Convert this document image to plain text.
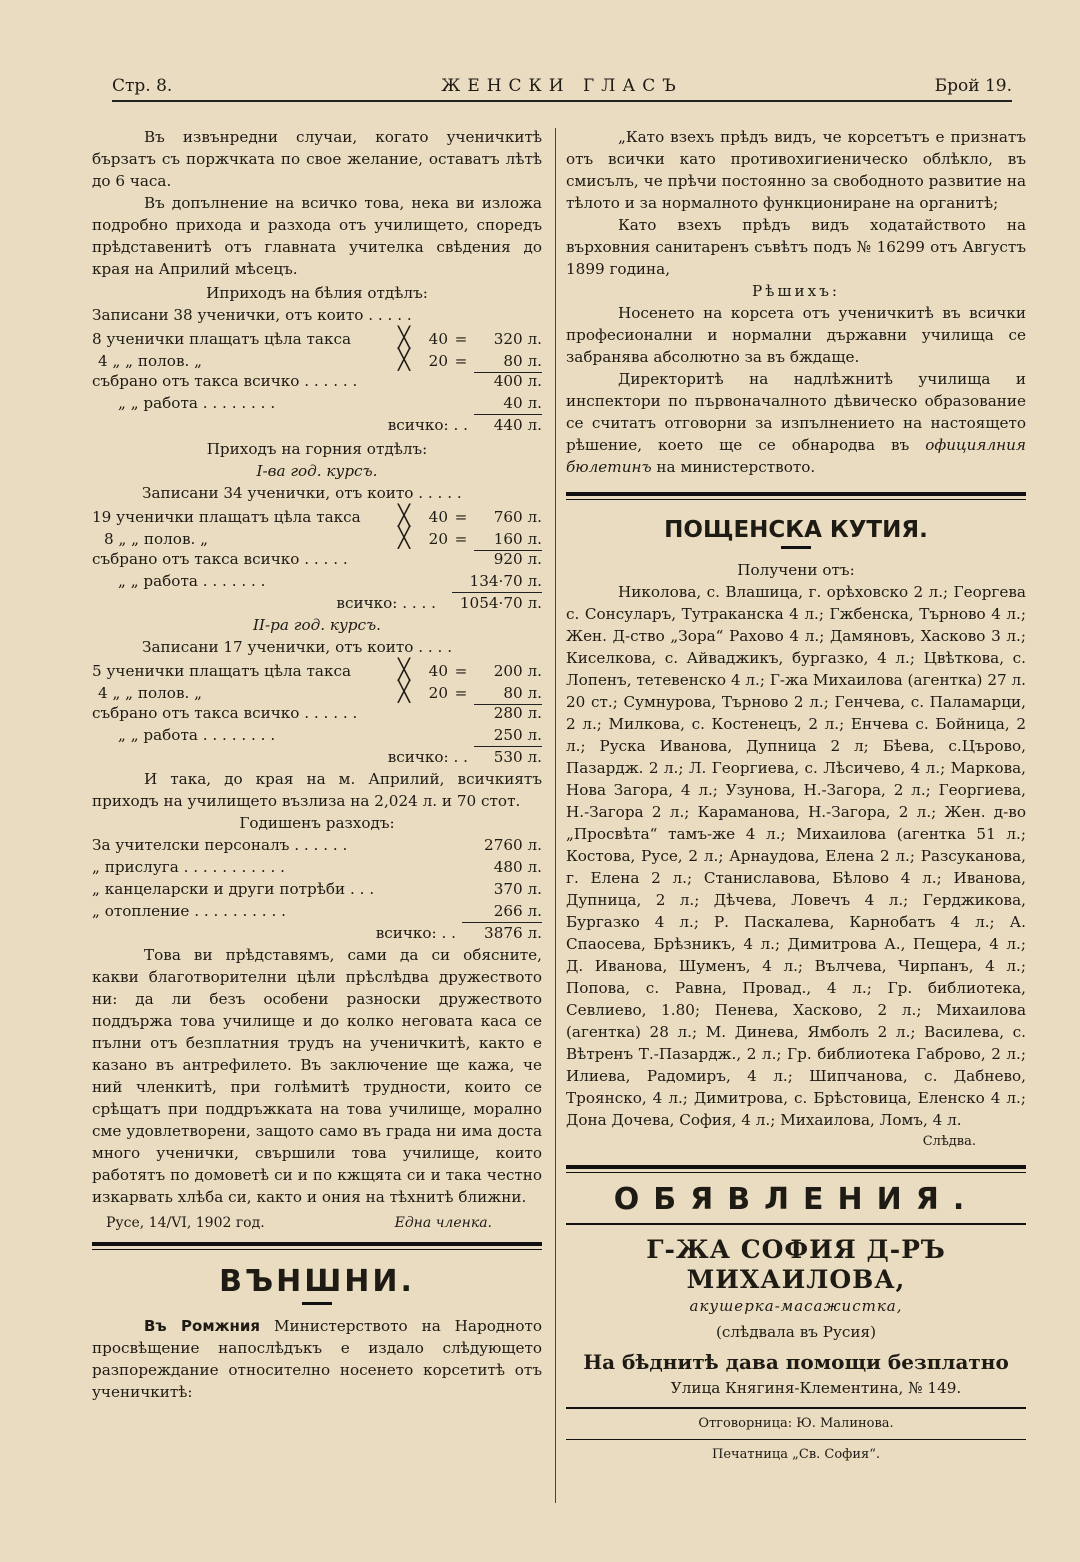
Стр. 8.	ЖЕНСКИ ГЛАСЪ	Брой 19.

Въ извънредни случаи, когато ученичкитѣ бързатъ съ поржчката по свое желание, оставатъ лѣтѣ до 6 часа.

Въ допълнение на всичко това, нека ви изложа подробно прихода и разхода отъ училището, споредъ прѣдставенитѣ отъ главната учителка свѣдения до края на Априлий мѣсецъ.

Иприходъ на бѣлия отдѣлъ:
Записани 38 ученички, отъ които . . . . .
8 ученички плащатъ цѣла такса	╳	40 =	320 л.
4 „ „ полов. „	╳	20 =	80 л.
събрано отъ такса всичко . . . . . .	400 л.
„ „ работа . . . . . . . .	40 л.
всичко: . .	440 л.
Приходъ на горния отдѣлъ:
I-ва год. курсъ.
Записани 34 ученички, отъ които . . . . .
19 ученички плащатъ цѣла такса	╳	40 =	760 л.
8 „ „ полов. „	╳	20 =	160 л.
събрано отъ такса всичко . . . . .	920 л.
„ „ работа . . . . . . .	134·70 л.
всичко: . . . .	1054·70 л.
II-ра год. курсъ.
Записани 17 ученички, отъ които . . . .
5 ученички плащатъ цѣла такса	╳	40 =	200 л.
4 „ „ полов. „	╳	20 =	80 л.
събрано отъ такса всичко . . . . . .	280 л.
„ „ работа . . . . . . . .	250 л.
всичко: . .	530 л.

И така, до края на м. Априлий, всичкиятъ приходъ на училището възлиза на 2,024 л. и 70 стот.

Годишенъ разходъ:
За учителски персоналъ . . . . . .	2760 л.
„ прислуга . . . . . . . . . . .	480 л.
„ канцеларски и други потрѣби . . .	370 л.
„ отопление . . . . . . . . . .	266 л.
всичко: . .	3876 л.

Това ви прѣдставямъ, сами да си обясните, какви благотворителни цѣли прѣслѣдва дружеството ни: да ли безъ особени разноски дружеството поддържа това училище и до колко неговата каса се пълни отъ безплатния трудъ на ученичкитѣ, както е казано въ антрефилето. Въ заключение ще кажа, че ний членкитѣ, при голѣмитѣ трудности, които се срѣщатъ при поддръжката на това училище, морално сме удовлетворени, защото само въ града ни има доста много ученички, свършили това училище, които работятъ по домоветѣ си и по кжщята си и така честно изкарвать хлѣба си, както и ония на тѣхнитѣ ближни.

Русе, 14/VI, 1902 год.	Една членка.
ВЪНШНИ.

Въ Ромжния Министерството на Народното просвѣщение напослѣдъкъ е издало слѣдующето разпореждание относително носенето корсетитѣ отъ ученичкитѣ:

„Като взехъ прѣдъ видъ, че корсетътъ е признатъ отъ всички като противохигиеническо облѣкло, въ смисълъ, че прѣчи постоянно за свободното развитие на тѣлото и за нормалното функциониране на органитѣ;

Като взехъ прѣдъ видъ ходатайството на върховния санитаренъ съвѣтъ подъ № 16299 отъ Августъ 1899 година,

Рѣшихъ:

Носенето на корсета отъ ученичкитѣ въ всички професионални и нормални държавни училища се забранява абсолютно за въ бждаще.

Директоритѣ на надлѣжнитѣ училища и инспектори по първоначалното дѣвическо образование се считатъ отговорни за изпълнението на настоящето рѣшение, което ще се обнародва въ официялния бюлетинъ на министерството.

ПОЩЕНСКА КУТИЯ.
Получени отъ:

Николова, с. Влашица, г. орѣховско 2 л.; Георгева с. Сонсуларъ, Тутраканска 4 л.; Гжбенска, Търново 4 л.; Жен. Д-ство „Зора“ Рахово 4 л.; Дамяновъ, Хасково 3 л.; Киселкова, с. Айваджикъ, бургазко, 4 л.; Цвѣткова, с. Лопенъ, тетевенско 4 л.; Г-жа Михаилова (агентка) 27 л. 20 ст.; Сумнурова, Търново 2 л.; Генчева, с. Паламарци, 2 л.; Милкова, с. Костенецъ, 2 л.; Енчева с. Бойница, 2 л.; Руска Иванова, Дупница 2 л; Бѣева, с.Църово, Пазардж. 2 л.; Л. Георгиева, с. Лѣсичево, 4 л.; Маркова, Нова Загора, 4 л.; Узунова, Н.-Загора, 2 л.; Георгиева, Н.-Загора 2 л.; Караманова, Н.-Загора, 2 л.; Жен. д-во „Просвѣта“ тамъ-же 4 л.; Михаилова (агентка 51 л.; Костова, Русе, 2 л.; Арнаудова, Елена 2 л.; Разсуканова, г. Елена 2 л.; Станиславова, Бѣлово 4 л.; Иванова, Дупница, 2 л.; Дѣчева, Ловечъ 4 л.; Герджикова, Бургазко 4 л.; Р. Паскалева, Карнобатъ 4 л.; А. Спаосева, Брѣзникъ, 4 л.; Димитрова А., Пещера, 4 л.; Д. Иванова, Шуменъ, 4 л.; Вълчева, Чирпанъ, 4 л.; Попова, с. Равна, Провад., 4 л.; Гр. библиотека, Севлиево, 1.80; Пенева, Хасково, 2 л.; Михаилова (агентка) 28 л.; М. Динева, Ямболъ 2 л.; Василева, с. Вѣтренъ Т.-Пазардж., 2 л.; Гр. библиотека Габрово, 2 л.; Илиева, Радомиръ, 4 л.; Шипчанова, с. Дабнево, Троянско, 4 л.; Димитрова, с. Брѣстовица, Еленско 4 л.; Дона Дочева, София, 4 л.; Михаилова, Ломъ, 4 л.

Слѣдва.
ОБЯВЛЕНИЯ.
Г-ЖА СОФИЯ Д-РЪ МИХАИЛОВА,
акушерка-масажистка,
(слѣдвала въ Русия)
На бѣднитѣ дава помощи безплатно
Улица Княгиня-Клементина, № 149.
Отговорница: Ю. Малинова.
Печатница „Св. София“.
